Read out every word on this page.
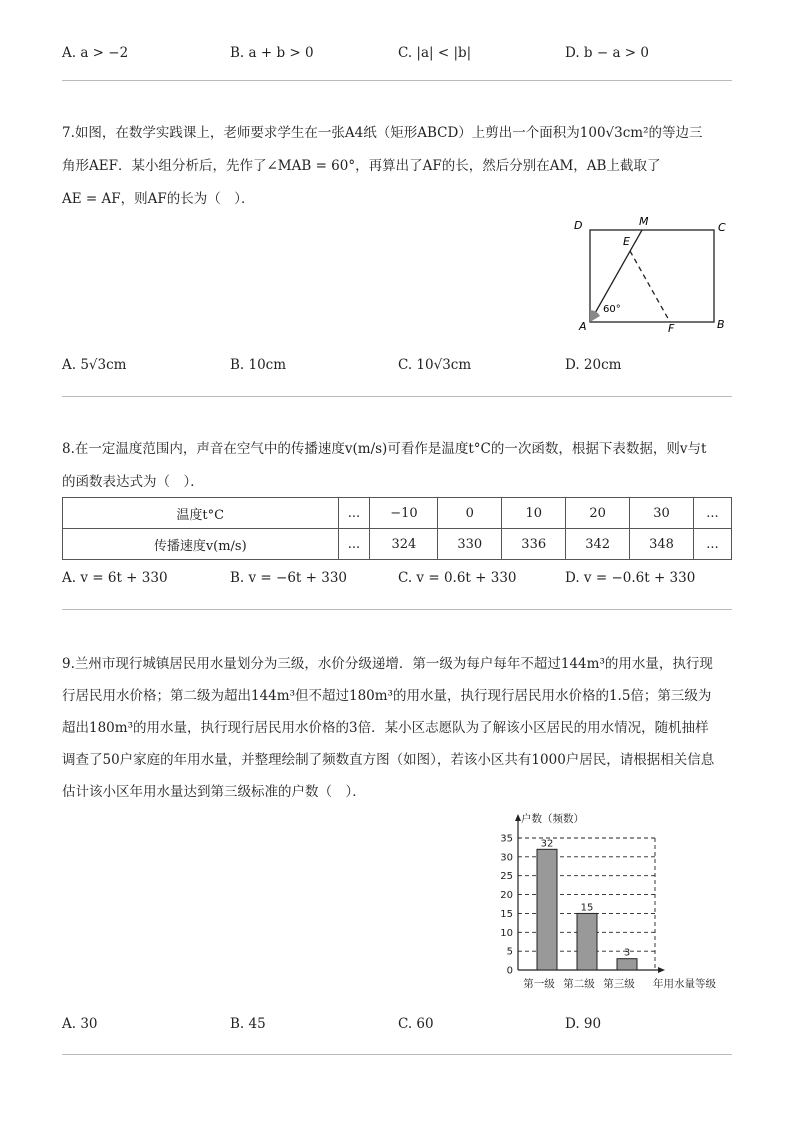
A. a > −2	B. a + b > 0	C. |a| < |b|	D. b − a > 0
7.如图，在数学实践课上，老师要求学生在一张A4纸（矩形ABCD）上剪出一个面积为100√3cm²的等边三
角形AEF．某小组分析后，先作了∠MAB = 60°，再算出了AF的长，然后分别在AM，AB上截取了
AE = AF，则AF的长为（　）．
D	M	C
E
A	F	B
60°
A. 5√3cm	B. 10cm	C. 10√3cm	D. 20cm
8.在一定温度范围内，声音在空气中的传播速度v(m/s)可看作是温度t°C的一次函数，根据下表数据，则v与t
的函数表达式为（　）．
温度t°C	...	−10	0	10	20	30	...
传播速度v(m/s)	...	324	330	336	342	348	...
A. v = 6t + 330	B. v = −6t + 330	C. v = 0.6t + 330	D. v = −0.6t + 330
9.兰州市现行城镇居民用水量划分为三级，水价分级递增．第一级为每户每年不超过144m³的用水量，执行现
行居民用水价格；第二级为超出144m³但不超过180m³的用水量，执行现行居民用水价格的1.5倍；第三级为
超出180m³的用水量，执行现行居民用水价格的3倍．某小区志愿队为了解该小区居民的用水情况，随机抽样
调查了50户家庭的年用水量，并整理绘制了频数直方图（如图），若该小区共有1000户居民，请根据相关信息
估计该小区年用水量达到第三级标准的户数（　）．
0
5
10
15
20
25
30
35
户数（频数）
32
第一级
15
第二级
3
第三级 年用水量等级
A. 30	B. 45	C. 60	D. 90
